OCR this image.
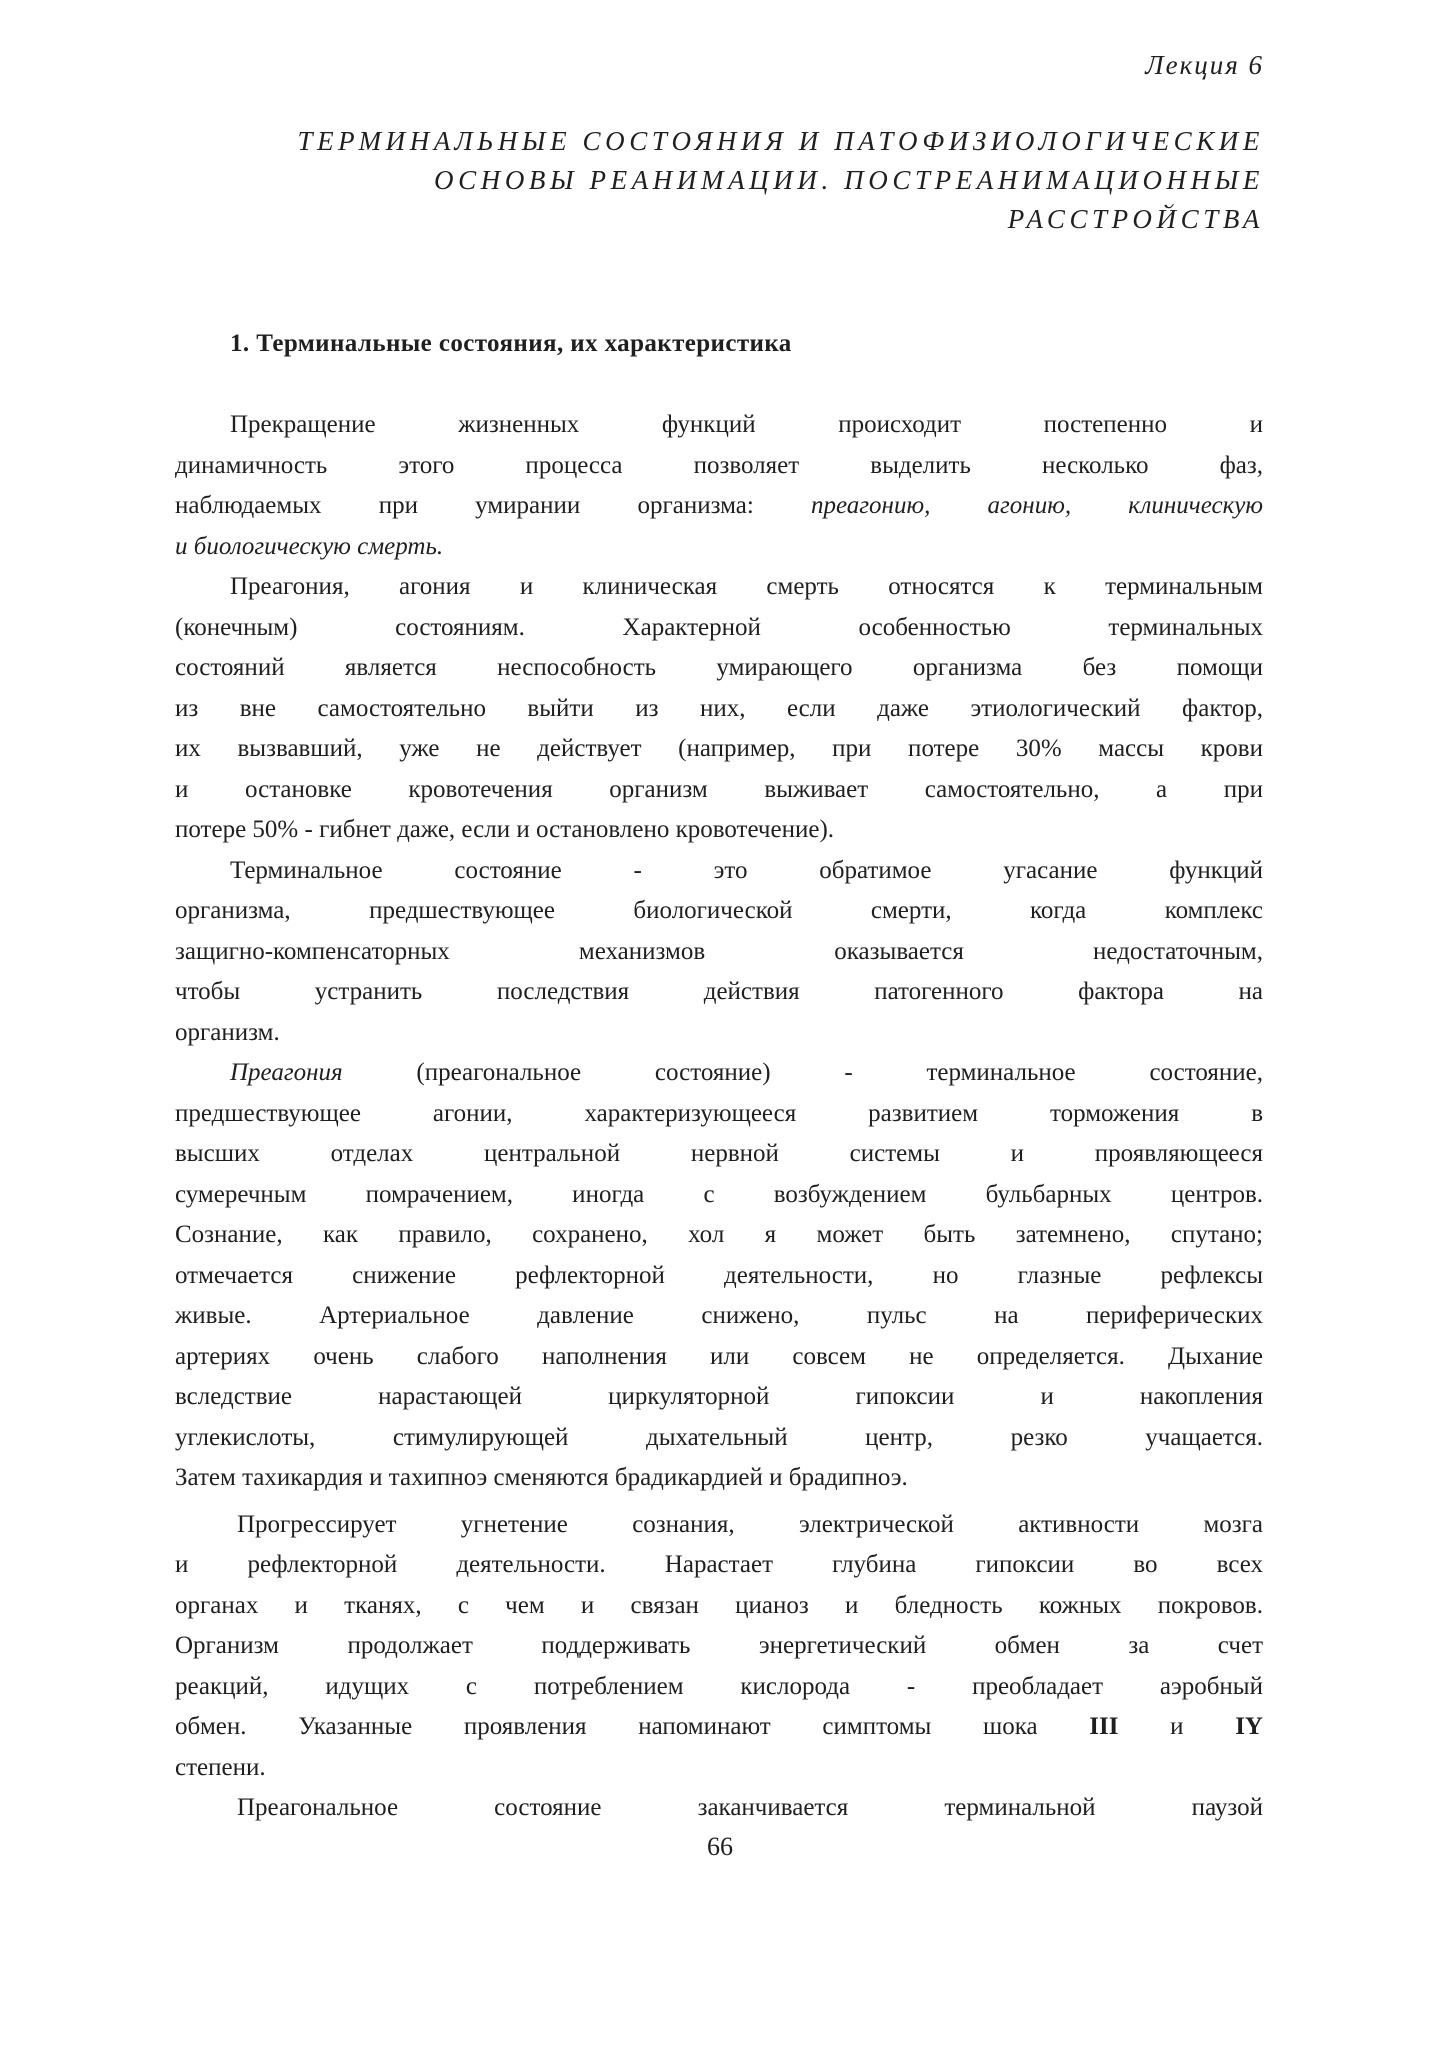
Лекция 6
ТЕРМИНАЛЬНЫЕ СОСТОЯНИЯ И ПАТОФИЗИОЛОГИЧЕСКИЕ
ОСНОВЫ РЕАНИМАЦИИ. ПОСТРЕАНИМАЦИОННЫЕ
РАССТРОЙСТВА
1. Терминальные состояния, их характеристика
Прекращение жизненных функций происходит постепенно и
динамичность этого процесса позволяет выделить несколько фаз,
наблюдаемых при умирании организма: преагонию, агонию, клиническую
и биологическую смерть.
Преагония, агония и клиническая смерть относятся к терминальным
(конечным) состояниям. Характерной особенностью терминальных
состояний является неспособность умирающего организма без помощи
из вне самостоятельно выйти из них, если даже этиологический фактор,
их вызвавший, уже не действует (например, при потере 30% массы крови
и остановке кровотечения организм выживает самостоятельно, а при
потере 50% - гибнет даже, если и остановлено кровотечение).
Терминальное состояние - это обратимое угасание функций
организма, предшествующее биологической смерти, когда комплекс
защигно-компенсаторных механизмов оказывается недостаточным,
чтобы устранить последствия действия патогенного фактора на
организм.
Преагония (преагональное состояние) - терминальное состояние,
предшествующее агонии, характеризующееся развитием торможения в
высших отделах центральной нервной системы и проявляющееся
сумеречным помрачением, иногда с возбуждением бульбарных центров.
Сознание, как правило, сохранено, хол я может быть затемнено, спутано;
отмечается снижение рефлекторной деятельности, но глазные рефлексы
живые. Артериальное давление снижено, пульс на периферических
артериях очень слабого наполнения или совсем не определяется. Дыхание
вследствие нарастающей циркуляторной гипоксии и накопления
углекислоты, стимулирующей дыхательный центр, резко учащается.
Затем тахикардия и тахипноэ сменяются брадикардией и брадипноэ.
Прогрессирует угнетение сознания, электрической активности мозга
и рефлекторной деятельности. Нарастает глубина гипоксии во всех
органах и тканях, с чем и связан цианоз и бледность кожных покровов.
Организм продолжает поддерживать энергетический обмен за счет
реакций, идущих с потреблением кислорода - преобладает аэробный
обмен. Указанные проявления напоминают симптомы шока III и IY
степени.
Преагональное состояние заканчивается терминальной паузой
66
